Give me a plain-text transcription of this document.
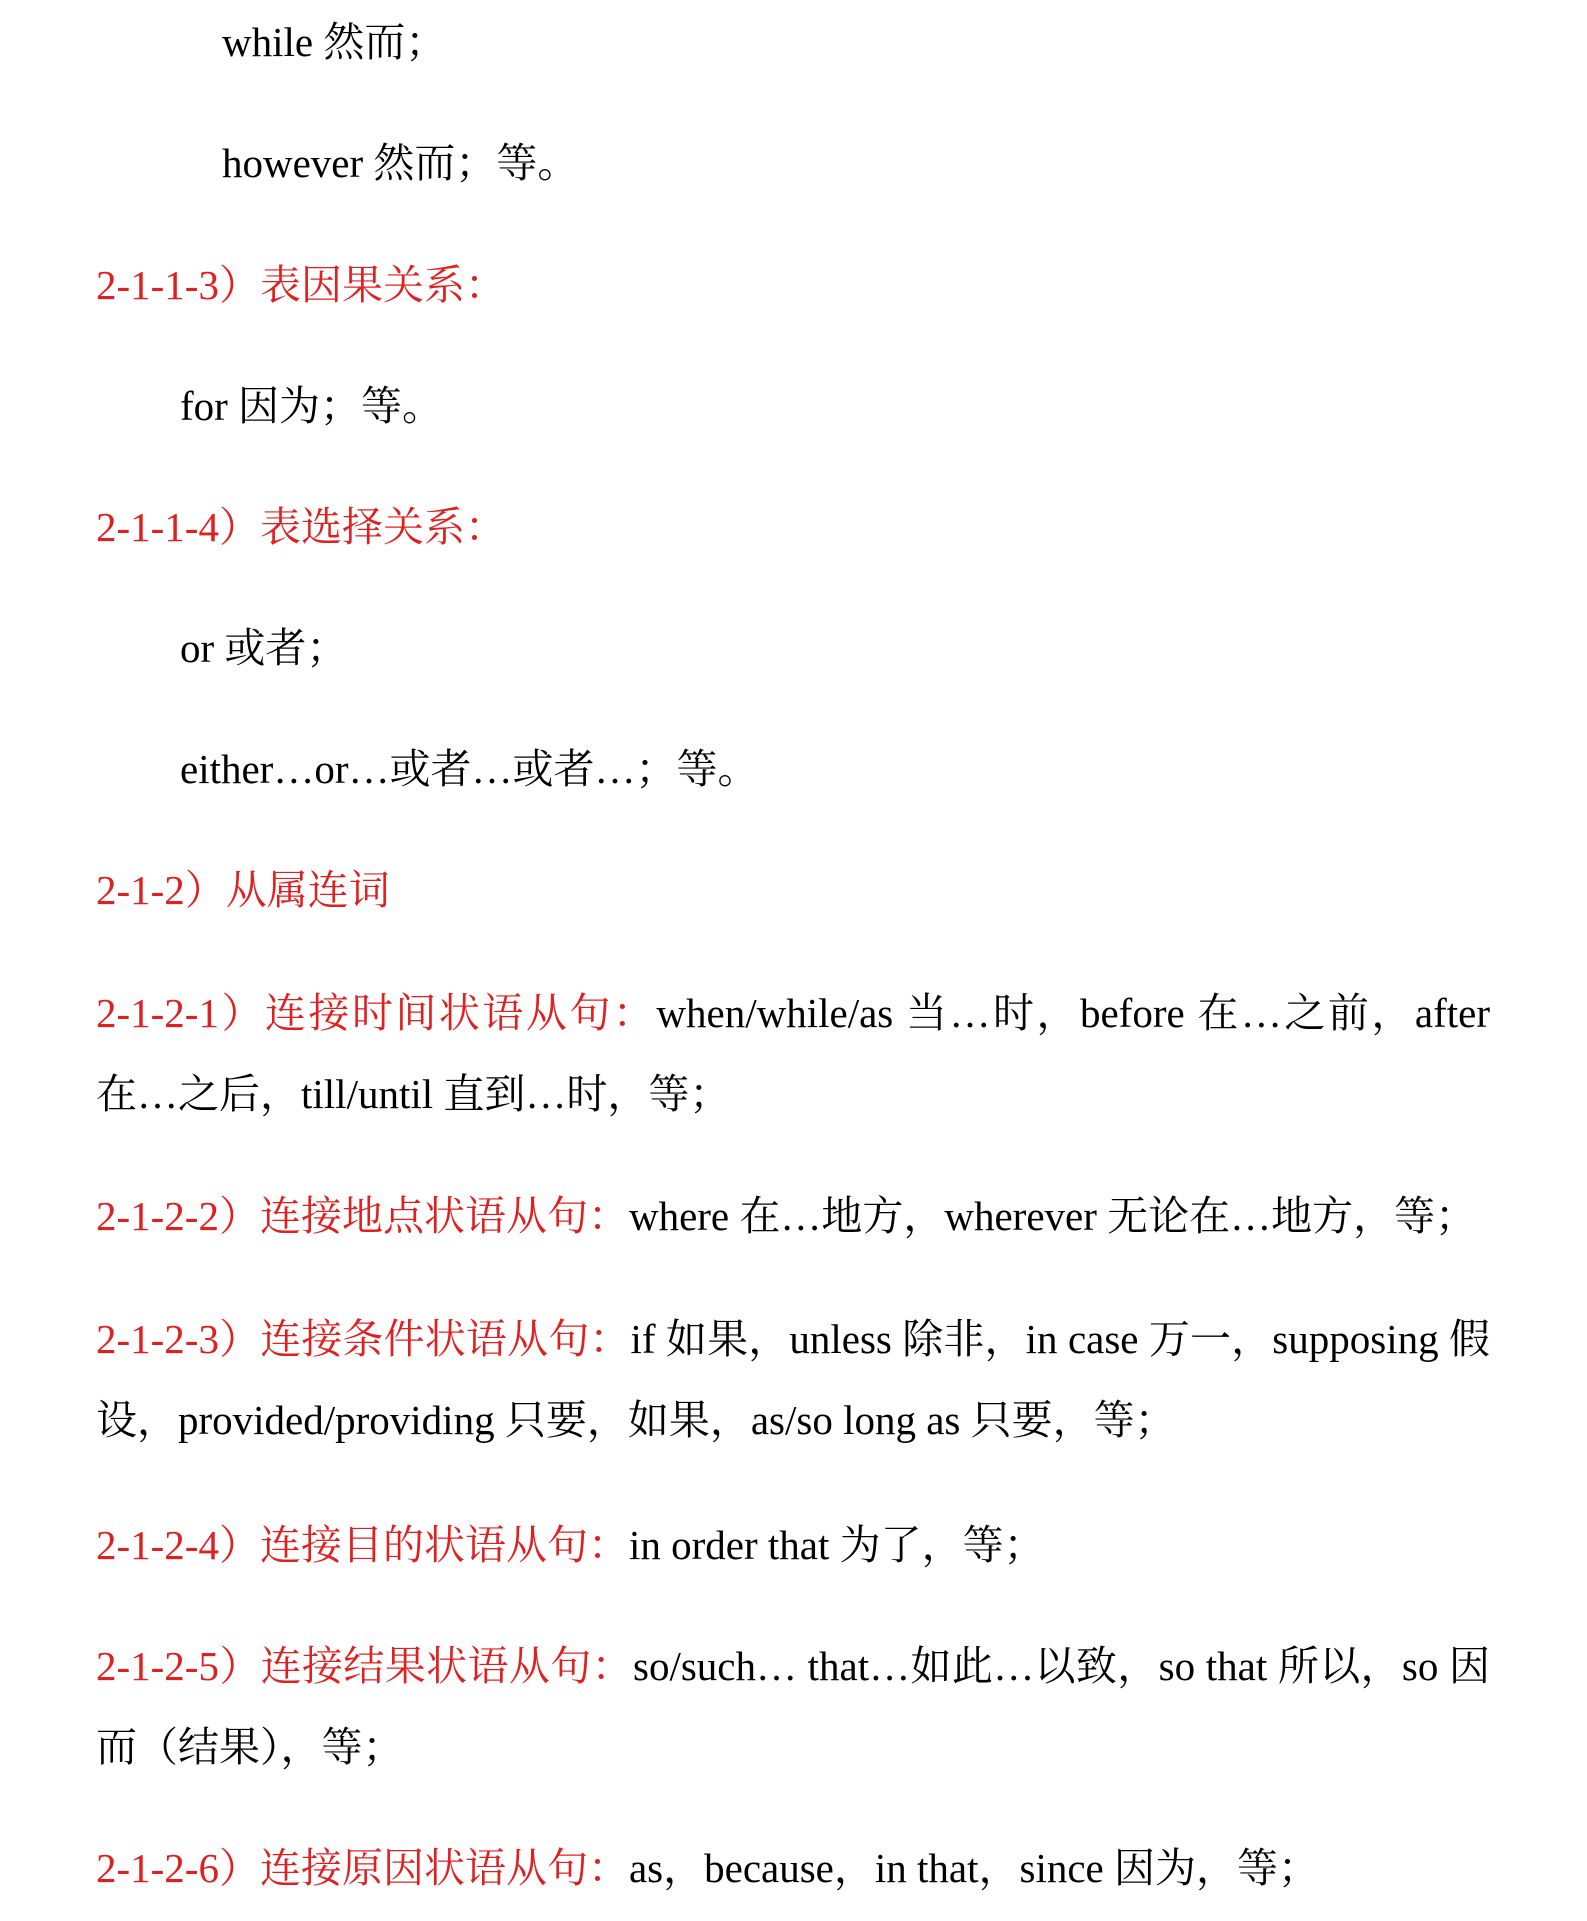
while 然而；
however 然而；等。
2-1-1-3）表因果关系：
for 因为；等。
2-1-1-4）表选择关系：
or 或者；
either…or…或者…或者…；等。
2-1-2）从属连词
2-1-2-1）连接时间状语从句：when/while/as 当…时，before 在…之前，after 在…之后，till/until 直到…时，等；
2-1-2-2）连接地点状语从句：where 在…地方，wherever 无论在…地方，等；
2-1-2-3）连接条件状语从句：if 如果，unless 除非，in case 万一，supposing 假设，provided/providing 只要，如果，as/so long as 只要，等；
2-1-2-4）连接目的状语从句：in order that 为了，等；
2-1-2-5）连接结果状语从句：so/such… that…如此…以致，so that 所以，so 因而（结果），等；
2-1-2-6）连接原因状语从句：as，because，in that，since 因为，等；
